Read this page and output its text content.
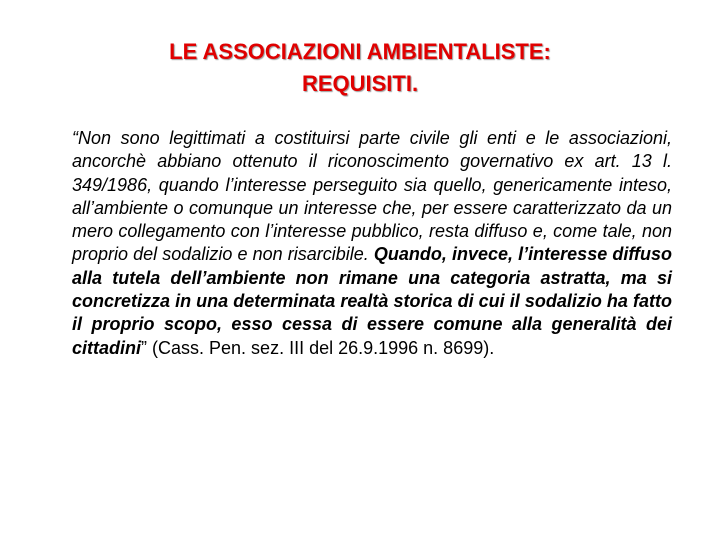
LE ASSOCIAZIONI AMBIENTALISTE:
REQUISITI.
“Non sono legittimati a costituirsi parte civile gli enti e le associazioni, ancorchè abbiano ottenuto il riconoscimento governativo ex art. 13 l. 349/1986, quando l’interesse perseguito sia quello, genericamente inteso, all’ambiente o comunque un interesse che, per essere caratterizzato da un mero collegamento con l’interesse pubblico, resta diffuso e, come tale, non proprio del sodalizio e non risarcibile. Quando, invece, l’interesse diffuso alla tutela dell’ambiente non rimane una categoria astratta, ma si concretizza in una determinata realtà storica di cui il sodalizio ha fatto il proprio scopo, esso cessa di essere comune alla generalità dei cittadini” (Cass. Pen. sez. III del 26.9.1996 n. 8699).
